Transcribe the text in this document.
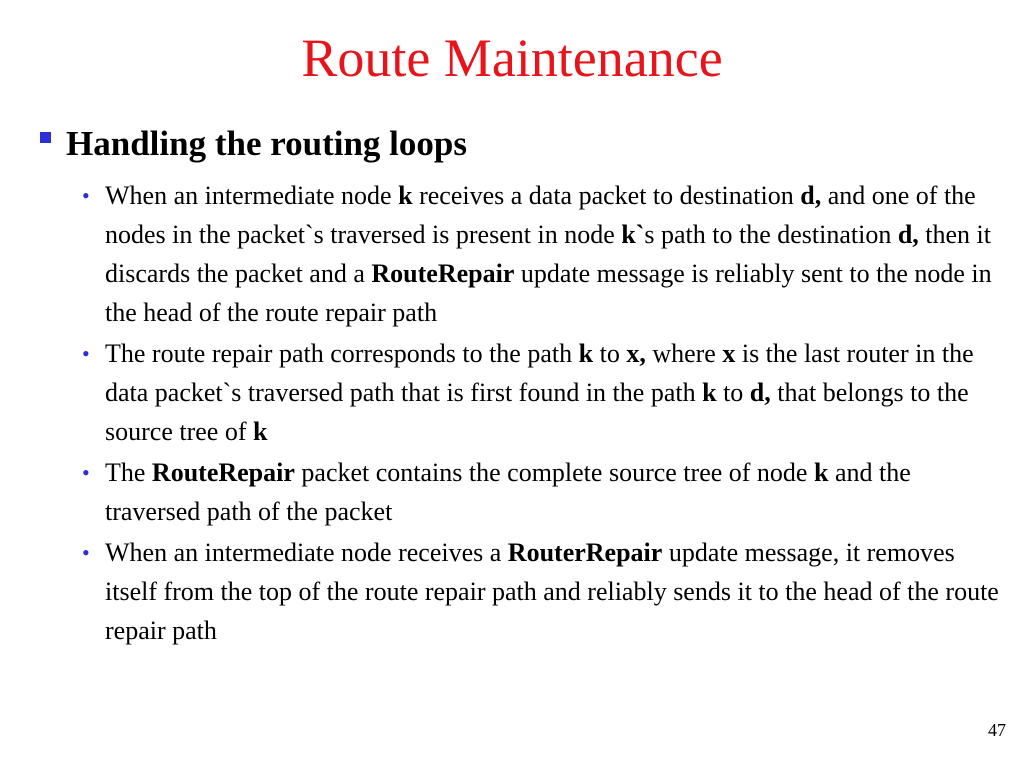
Route Maintenance
Handling the routing loops
• When an intermediate node k receives a data packet to destination d, and one of the nodes in the packet`s traversed is present in node k`s path to the destination d, then it discards the packet and a RouteRepair update message is reliably sent to the node in the head of the route repair path
• The route repair path corresponds to the path k to x, where x is the last router in the data packet`s traversed path that is first found in the path k to d, that belongs to the source tree of k
• The RouteRepair packet contains the complete source tree of node k and the traversed path of the packet
• When an intermediate node receives a RouterRepair update message, it removes itself from the top of the route repair path and reliably sends it to the head of the route repair path
47
